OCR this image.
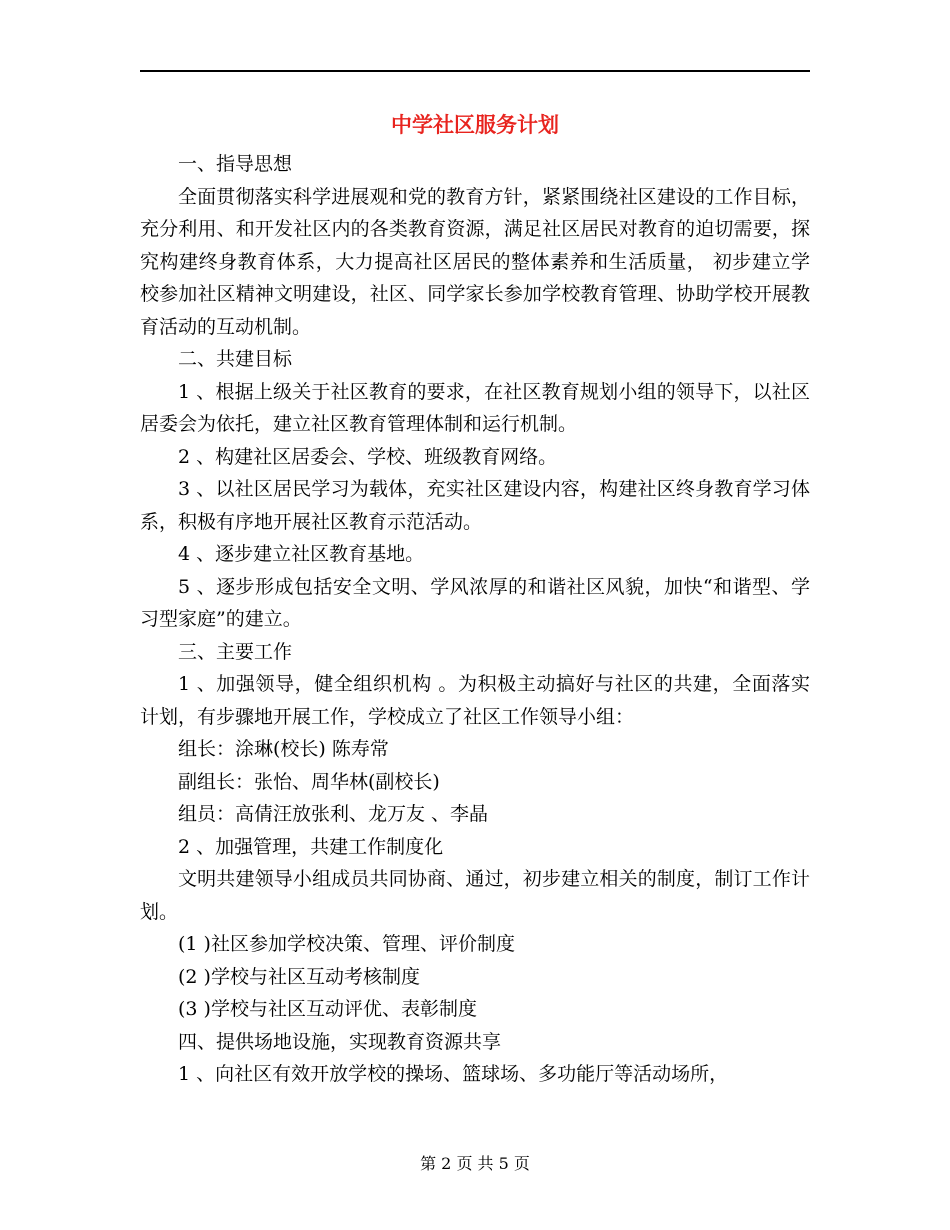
中学社区服务计划

一、指导思想

全面贯彻落实科学进展观和党的教育方针，紧紧围绕社区建设的工作目标，充分利用、和开发社区内的各类教育资源，满足社区居民对教育的迫切需要，探究构建终身教育体系，大力提高社区居民的整体素养和生活质量， 初步建立学校参加社区精神文明建设，社区、同学家长参加学校教育管理、协助学校开展教育活动的互动机制。

二、共建目标

1 、根据上级关于社区教育的要求，在社区教育规划小组的领导下，以社区居委会为依托，建立社区教育管理体制和运行机制。

2 、构建社区居委会、学校、班级教育网络。

3 、以社区居民学习为载体，充实社区建设内容，构建社区终身教育学习体系，积极有序地开展社区教育示范活动。

4 、逐步建立社区教育基地。

5 、逐步形成包括安全文明、学风浓厚的和谐社区风貌，加快“和谐型、学习型家庭”的建立。

三、主要工作

1 、加强领导，健全组织机构 。为积极主动搞好与社区的共建，全面落实计划，有步骤地开展工作，学校成立了社区工作领导小组：

组长：涂琳(校长) 陈寿常

副组长：张怡、周华林(副校长)

组员：高倩汪放张利、龙万友 、李晶

2 、加强管理，共建工作制度化

文明共建领导小组成员共同协商、通过，初步建立相关的制度，制订工作计划。

(1 )社区参加学校决策、管理、评价制度

(2 )学校与社区互动考核制度

(3 )学校与社区互动评优、表彰制度

四、提供场地设施，实现教育资源共享

1 、向社区有效开放学校的操场、篮球场、多功能厅等活动场所，

第 2 页 共 5 页
